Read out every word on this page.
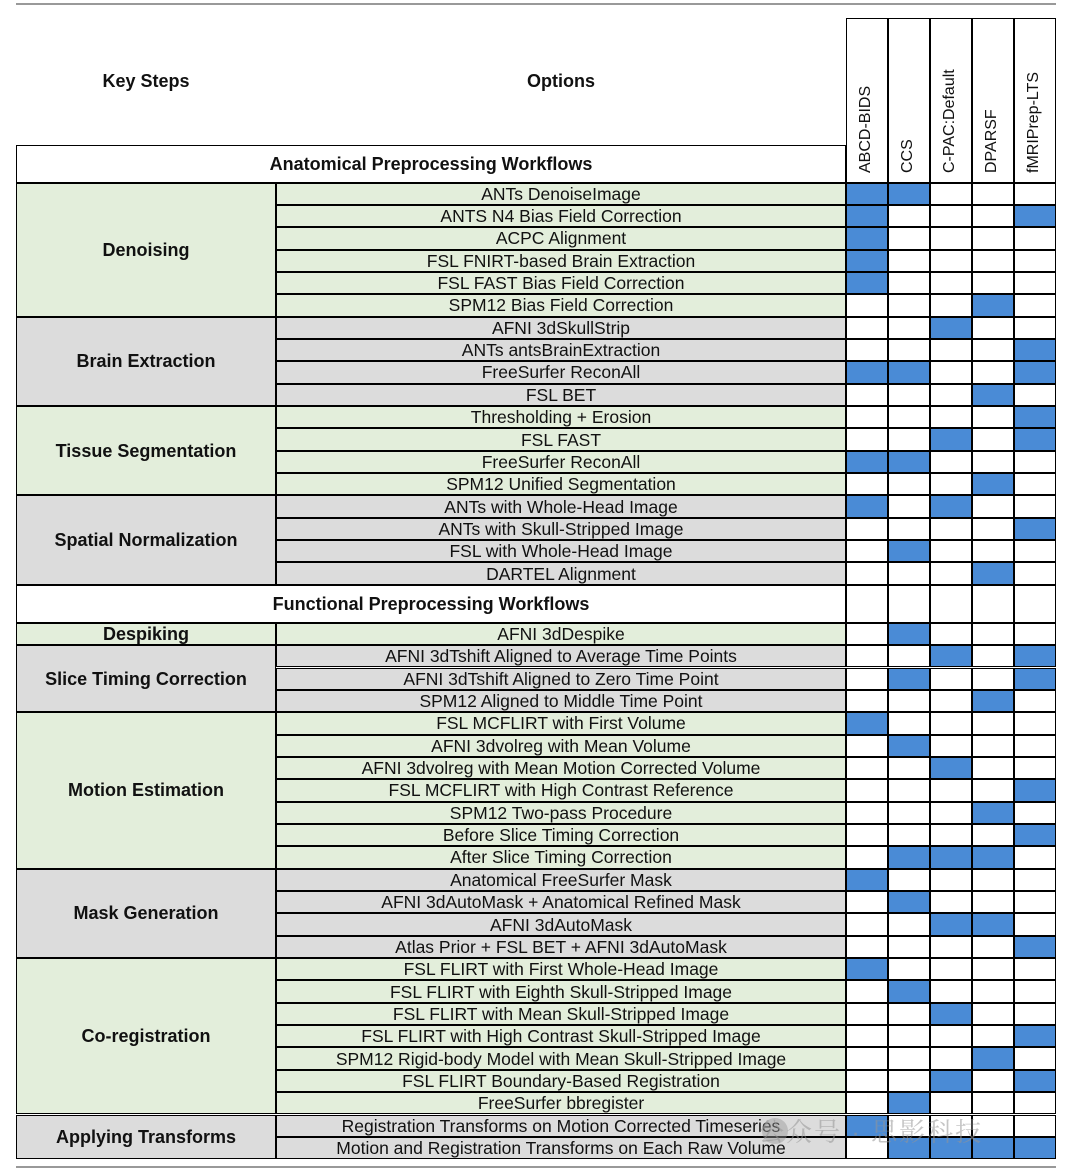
Key Steps	Options
ABCD-BIDS CCS C-PAC:Default DPARSF fMRIPrep-LTS
Anatomical Preprocessing Workflows
Denoising
ANTs DenoiseImage
ANTS N4 Bias Field Correction
ACPC Alignment
FSL FNIRT-based Brain Extraction
FSL FAST Bias Field Correction
SPM12 Bias Field Correction
Brain Extraction
AFNI 3dSkullStrip
ANTs antsBrainExtraction
FreeSurfer ReconAll
FSL BET
Tissue Segmentation
Thresholding + Erosion
FSL FAST
FreeSurfer ReconAll
SPM12 Unified Segmentation
Spatial Normalization
ANTs with Whole-Head Image
ANTs with Skull-Stripped Image
FSL with Whole-Head Image
DARTEL Alignment
Functional Preprocessing Workflows
Despiking	AFNI 3dDespike
Slice Timing Correction
AFNI 3dTshift Aligned to Average Time Points
AFNI 3dTshift Aligned to Zero Time Point
SPM12 Aligned to Middle Time Point
Motion Estimation
FSL MCFLIRT with First Volume
AFNI 3dvolreg with Mean Volume
AFNI 3dvolreg with Mean Motion Corrected Volume
FSL MCFLIRT with High Contrast Reference
SPM12 Two-pass Procedure
Before Slice Timing Correction
After Slice Timing Correction
Mask Generation
Anatomical FreeSurfer Mask
AFNI 3dAutoMask + Anatomical Refined Mask
AFNI 3dAutoMask
Atlas Prior + FSL BET + AFNI 3dAutoMask
Co-registration
FSL FLIRT with First Whole-Head Image
FSL FLIRT with Eighth Skull-Stripped Image
FSL FLIRT with Mean Skull-Stripped Image
FSL FLIRT with High Contrast Skull-Stripped Image
SPM12 Rigid-body Model with Mean Skull-Stripped Image
FSL FLIRT Boundary-Based Registration
FreeSurfer bbregister
Applying Transforms
Registration Transforms on Motion Corrected Timeseries
Motion and Registration Transforms on Each Raw Volume
公众号 · 思影科技
